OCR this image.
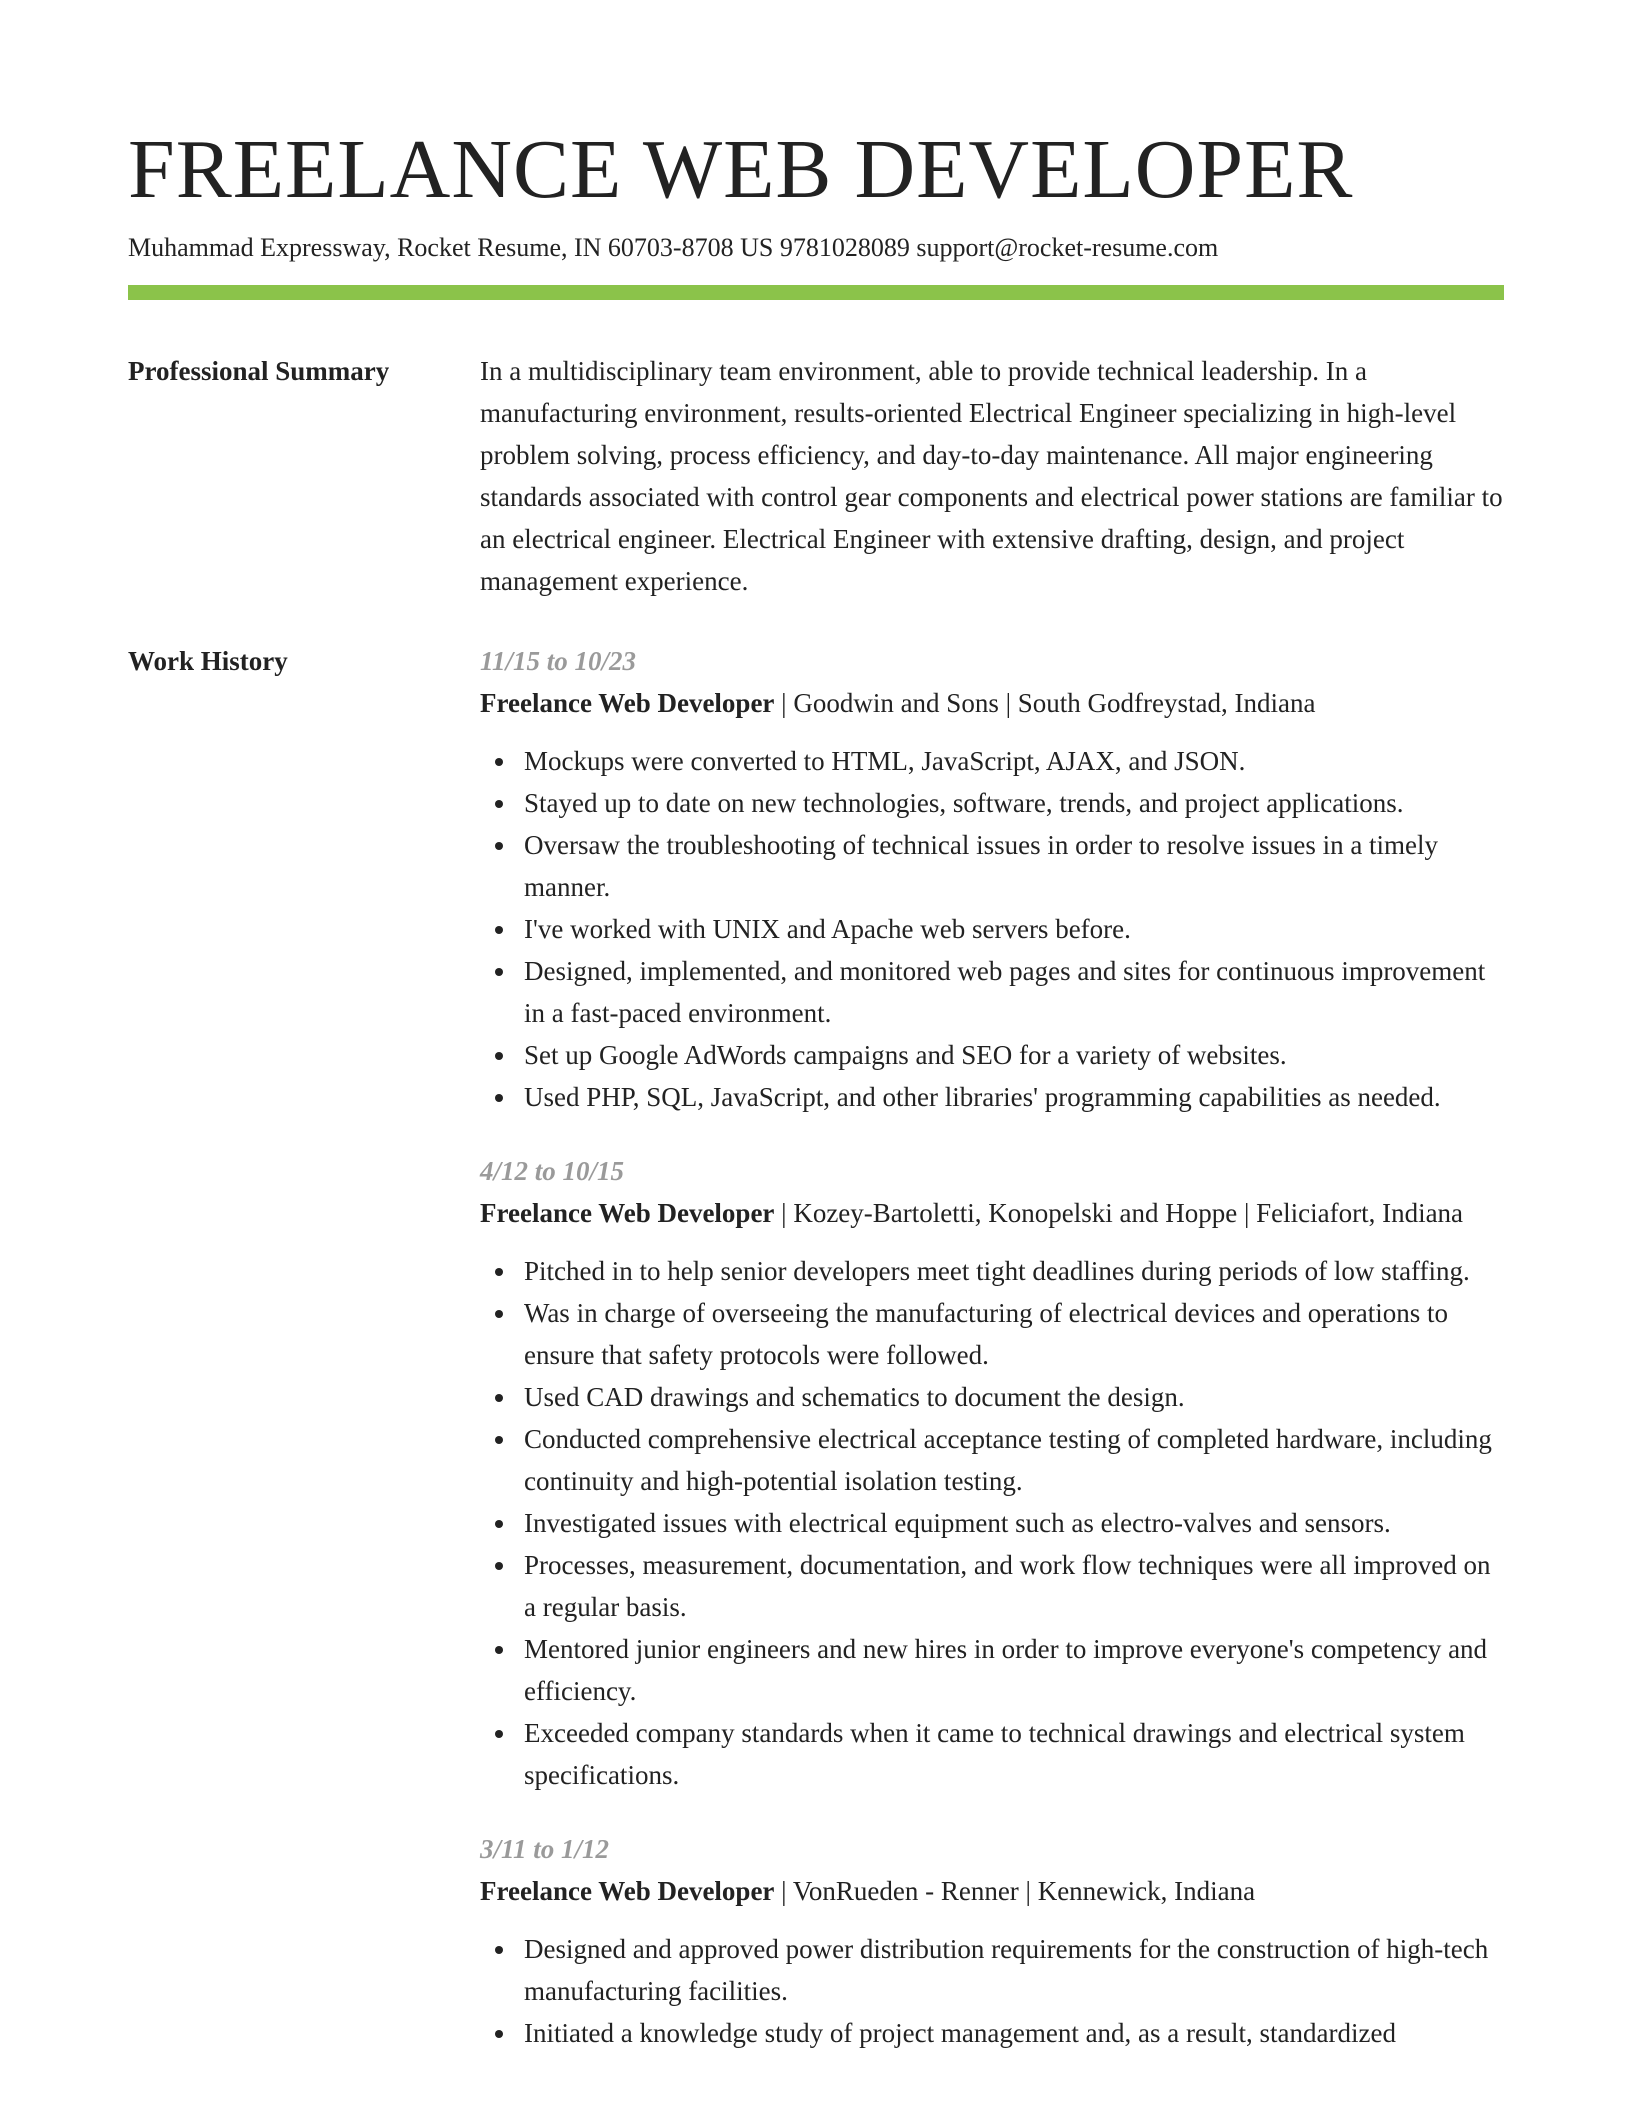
FREELANCE WEB DEVELOPER
Muhammad Expressway, Rocket Resume, IN 60703-8708 US 9781028089 support@rocket-resume.com
Professional Summary	In a multidisciplinary team environment, able to provide technical leadership. In a manufacturing environment, results-oriented Electrical Engineer specializing in high-level problem solving, process efficiency, and day-to-day maintenance. All major engineering standards associated with control gear components and electrical power stations are familiar to an electrical engineer. Electrical Engineer with extensive drafting, design, and project management experience.
Work History	11/15 to 10/23
Freelance Web Developer | Goodwin and Sons | South Godfreystad, Indiana
Mockups were converted to HTML, JavaScript, AJAX, and JSON.
Stayed up to date on new technologies, software, trends, and project applications.
Oversaw the troubleshooting of technical issues in order to resolve issues in a timely manner.
I've worked with UNIX and Apache web servers before.
Designed, implemented, and monitored web pages and sites for continuous improvement in a fast-paced environment.
Set up Google AdWords campaigns and SEO for a variety of websites.
Used PHP, SQL, JavaScript, and other libraries' programming capabilities as needed.
4/12 to 10/15
Freelance Web Developer | Kozey-Bartoletti, Konopelski and Hoppe | Feliciafort, Indiana
Pitched in to help senior developers meet tight deadlines during periods of low staffing.
Was in charge of overseeing the manufacturing of electrical devices and operations to ensure that safety protocols were followed.
Used CAD drawings and schematics to document the design.
Conducted comprehensive electrical acceptance testing of completed hardware, including continuity and high-potential isolation testing.
Investigated issues with electrical equipment such as electro-valves and sensors.
Processes, measurement, documentation, and work flow techniques were all improved on a regular basis.
Mentored junior engineers and new hires in order to improve everyone's competency and efficiency.
Exceeded company standards when it came to technical drawings and electrical system specifications.
3/11 to 1/12
Freelance Web Developer | VonRueden - Renner | Kennewick, Indiana
Designed and approved power distribution requirements for the construction of high-tech manufacturing facilities.
Initiated a knowledge study of project management and, as a result, standardized
